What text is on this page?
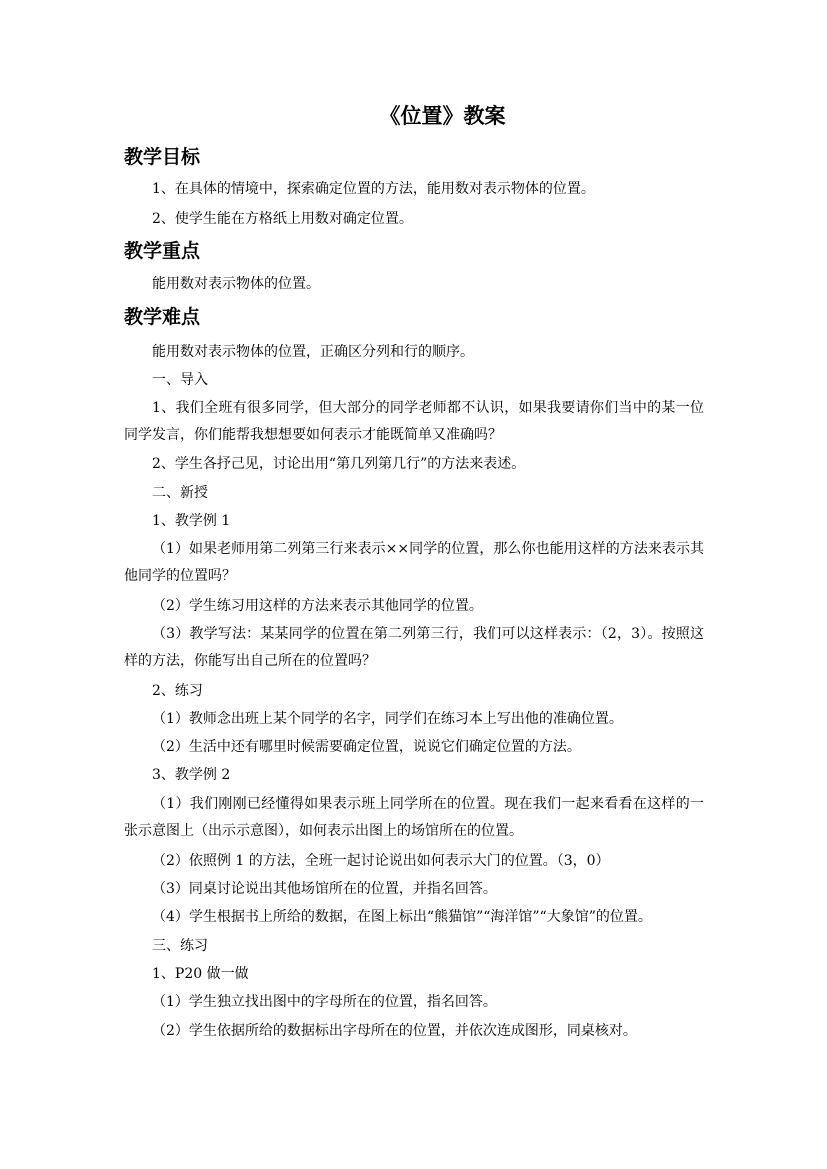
《位置》教案
教学目标

1、在具体的情境中，探索确定位置的方法，能用数对表示物体的位置。

2、使学生能在方格纸上用数对确定位置。

教学重点

能用数对表示物体的位置。

教学难点

能用数对表示物体的位置，正确区分列和行的顺序。

一、导入

1、我们全班有很多同学，但大部分的同学老师都不认识，如果我要请你们当中的某一位同学发言，你们能帮我想想要如何表示才能既简单又准确吗？

2、学生各抒己见，讨论出用“第几列第几行”的方法来表述。

二、新授

1、教学例 1

（1）如果老师用第二列第三行来表示××同学的位置，那么你也能用这样的方法来表示其他同学的位置吗？

（2）学生练习用这样的方法来表示其他同学的位置。

（3）教学写法：某某同学的位置在第二列第三行，我们可以这样表示：（2，3）。按照这样的方法，你能写出自己所在的位置吗？

2、练习

（1）教师念出班上某个同学的名字，同学们在练习本上写出他的准确位置。

（2）生活中还有哪里时候需要确定位置，说说它们确定位置的方法。

3、教学例 2

（1）我们刚刚已经懂得如果表示班上同学所在的位置。现在我们一起来看看在这样的一张示意图上（出示示意图），如何表示出图上的场馆所在的位置。

（2）依照例 1 的方法，全班一起讨论说出如何表示大门的位置。（3，0）

（3）同桌讨论说出其他场馆所在的位置，并指名回答。

（4）学生根据书上所给的数据，在图上标出“熊猫馆”“海洋馆”“大象馆”的位置。

三、练习

1、P20 做一做

（1）学生独立找出图中的字母所在的位置，指名回答。

（2）学生依据所给的数据标出字母所在的位置，并依次连成图形，同桌核对。
